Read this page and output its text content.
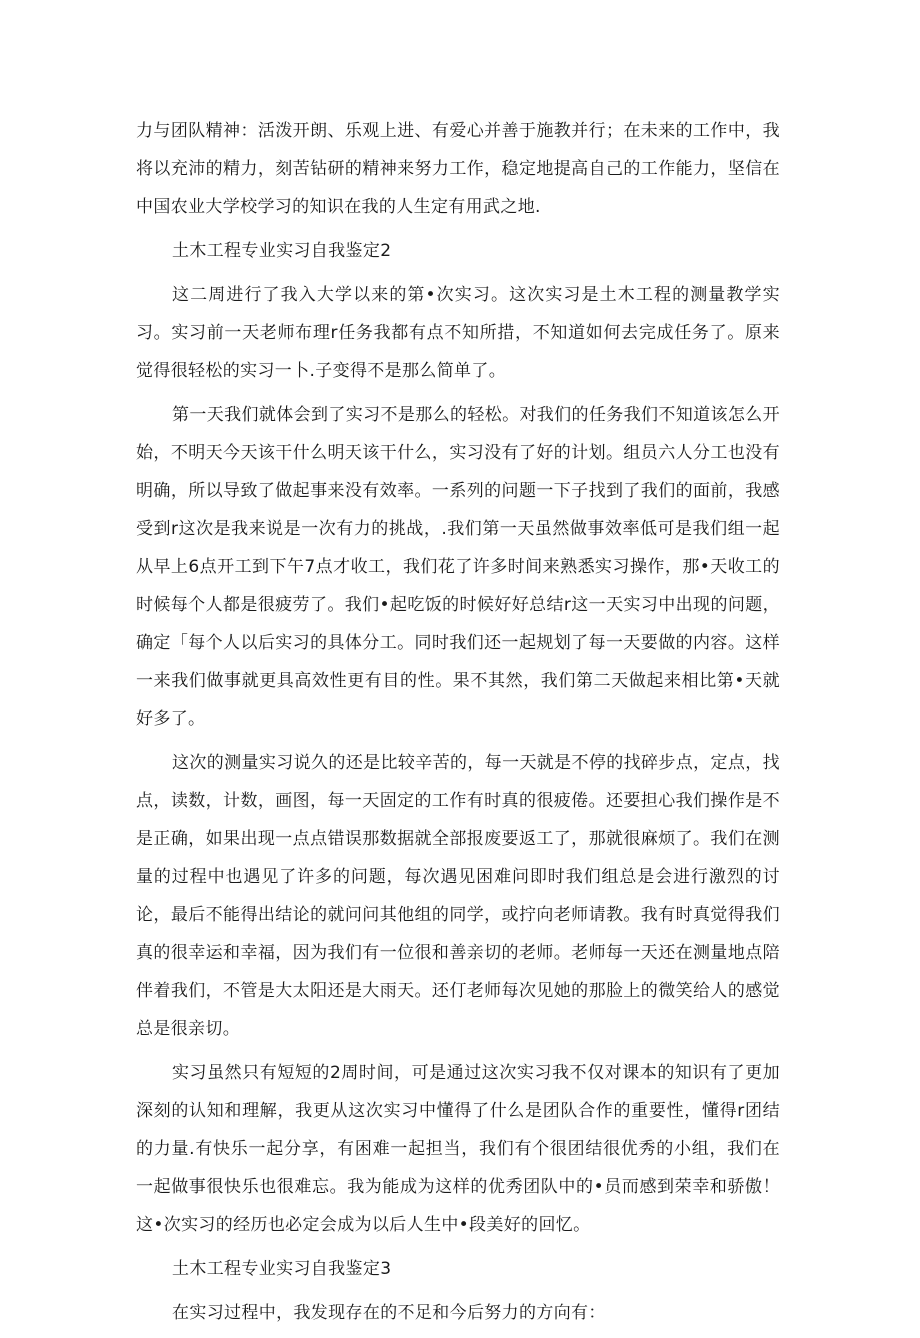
力与团队精神：活泼开朗、乐观上进、有爱心并善于施教并行；在未来的工作中，我将以充沛的精力，刻苦钻研的精神来努力工作，稳定地提高自己的工作能力，坚信在中国农业大学校学习的知识在我的人生定有用武之地.

土木工程专业实习自我鉴定2

这二周进行了我入大学以来的第•次实习。这次实习是土木工程的测量教学实习。实习前一天老师布理r任务我都有点不知所措，不知道如何去完成任务了。原来觉得很轻松的实习一卜.子变得不是那么简单了。

第一天我们就体会到了实习不是那么的轻松。对我们的任务我们不知道该怎么开始，不明天今天该干什么明天该干什么，实习没有了好的计划。组员六人分工也没有明确，所以导致了做起事来没有效率。一系列的问题一下子找到了我们的面前，我感受到r这次是我来说是一次有力的挑战，.我们第一天虽然做事效率低可是我们组一起从早上6点开工到下午7点才收工，我们花了许多时间来熟悉实习操作，那•天收工的时候每个人都是很疲劳了。我们•起吃饭的时候好好总结r这一天实习中出现的问题，确定「每个人以后实习的具体分工。同时我们还一起规划了每一天要做的内容。这样一来我们做事就更具高效性更有目的性。果不其然，我们第二天做起来相比第•天就好多了。

这次的测量实习说久的还是比较辛苦的，每一天就是不停的找碎步点，定点，找点，读数，计数，画图，每一天固定的工作有时真的很疲倦。还要担心我们操作是不是正确，如果出现一点点错误那数据就全部报废要返工了，那就很麻烦了。我们在测量的过程中也遇见了许多的问题，每次遇见困难问即时我们组总是会进行激烈的讨论，最后不能得出结论的就问问其他组的同学，或拧向老师请教。我有时真觉得我们真的很幸运和幸福，因为我们有一位很和善亲切的老师。老师每一天还在测量地点陪伴着我们，不管是大太阳还是大雨天。还仃老师每次见她的那脸上的微笑给人的感觉总是很亲切。

实习虽然只有短短的2周时间，可是通过这次实习我不仅对课本的知识有了更加深刻的认知和理解，我更从这次实习中懂得了什么是团队合作的重要性，懂得r团结的力量.有快乐一起分享，有困难一起担当，我们有个很团结很优秀的小组，我们在一起做事很快乐也很难忘。我为能成为这样的优秀团队中的•员而感到荣幸和骄傲！这•次实习的经历也必定会成为以后人生中•段美好的回忆。

土木工程专业实习自我鉴定3

在实习过程中，我发现存在的不足和今后努力的方向有：
